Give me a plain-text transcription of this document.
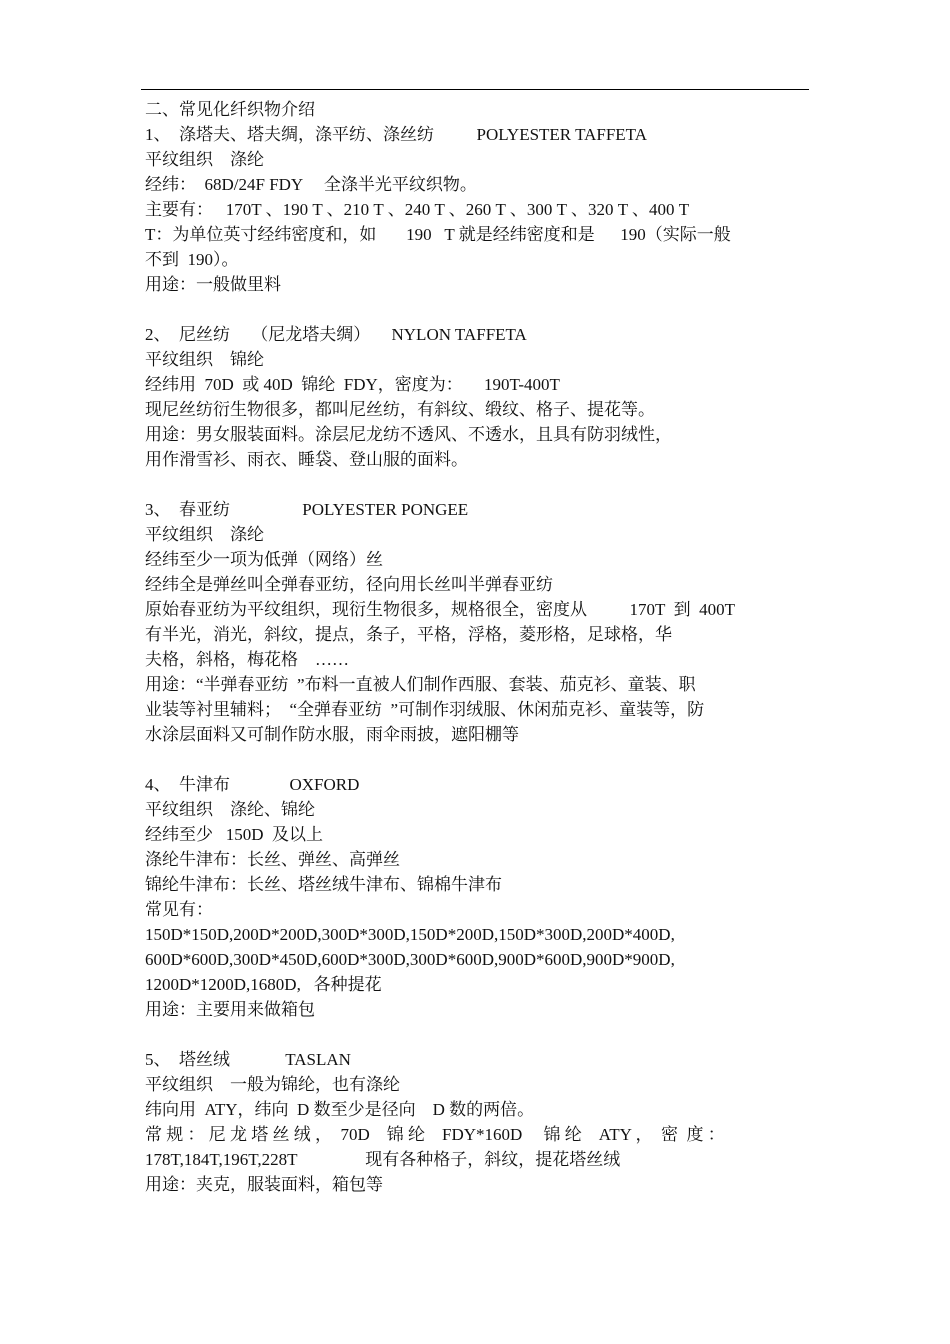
二、常见化纤织物介绍
1、  涤塔夫、塔夫绸，涤平纺、涤丝纺          POLYESTER TAFFETA
平纹组织    涤纶
经纬：  68D/24F FDY     全涤半光平纹织物。
主要有：   170T 、190 T 、210 T 、240 T 、260 T 、300 T 、320 T 、400 T
T：为单位英寸经纬密度和，如       190   T 就是经纬密度和是      190（实际一般
不到  190）。
用途：一般做里料
2、  尼丝纺     （尼龙塔夫绸）     NYLON TAFFETA
平纹组织    锦纶
经纬用  70D  或 40D  锦纶  FDY，密度为：     190T-400T
现尼丝纺衍生物很多，都叫尼丝纺，有斜纹、缎纹、格子、提花等。
用途：男女服装面料。涂层尼龙纺不透风、不透水，且具有防羽绒性，
用作滑雪衫、雨衣、睡袋、登山服的面料。
3、  春亚纺                 POLYESTER PONGEE
平纹组织    涤纶
经纬至少一项为低弹（网络）丝
经纬全是弹丝叫全弹春亚纺，径向用长丝叫半弹春亚纺
原始春亚纺为平纹组织，现衍生物很多，规格很全，密度从          170T  到  400T
有半光，消光，斜纹，提点，条子，平格，浮格，菱形格，足球格，华
夫格，斜格，梅花格    ……
用途：“半弹春亚纺  ”布料一直被人们制作西服、套装、茄克衫、童装、职
业装等衬里辅料；  “全弹春亚纺  ”可制作羽绒服、休闲茄克衫、童装等，防
水涂层面料又可制作防水服，雨伞雨披，遮阳棚等
4、  牛津布              OXFORD
平纹组织    涤纶、锦纶
经纬至少   150D  及以上
涤纶牛津布：长丝、弹丝、高弹丝
锦纶牛津布：长丝、塔丝绒牛津布、锦棉牛津布
常见有：
150D*150D,200D*200D,300D*300D,150D*200D,150D*300D,200D*400D,
600D*600D,300D*450D,600D*300D,300D*600D,900D*600D,900D*900D,
1200D*1200D,1680D,   各种提花
用途：主要用来做箱包
5、  塔丝绒             TASLAN
平纹组织    一般为锦纶，也有涤纶
纬向用  ATY，纬向  D 数至少是径向    D 数的两倍。
常 规 ： 尼 龙 塔 丝 绒 ，  70D    锦 纶    FDY*160D     锦 纶    ATY ，  密  度 ：
178T,184T,196T,228T                现有各种格子，斜纹，提花塔丝绒
用途：夹克，服装面料，箱包等
